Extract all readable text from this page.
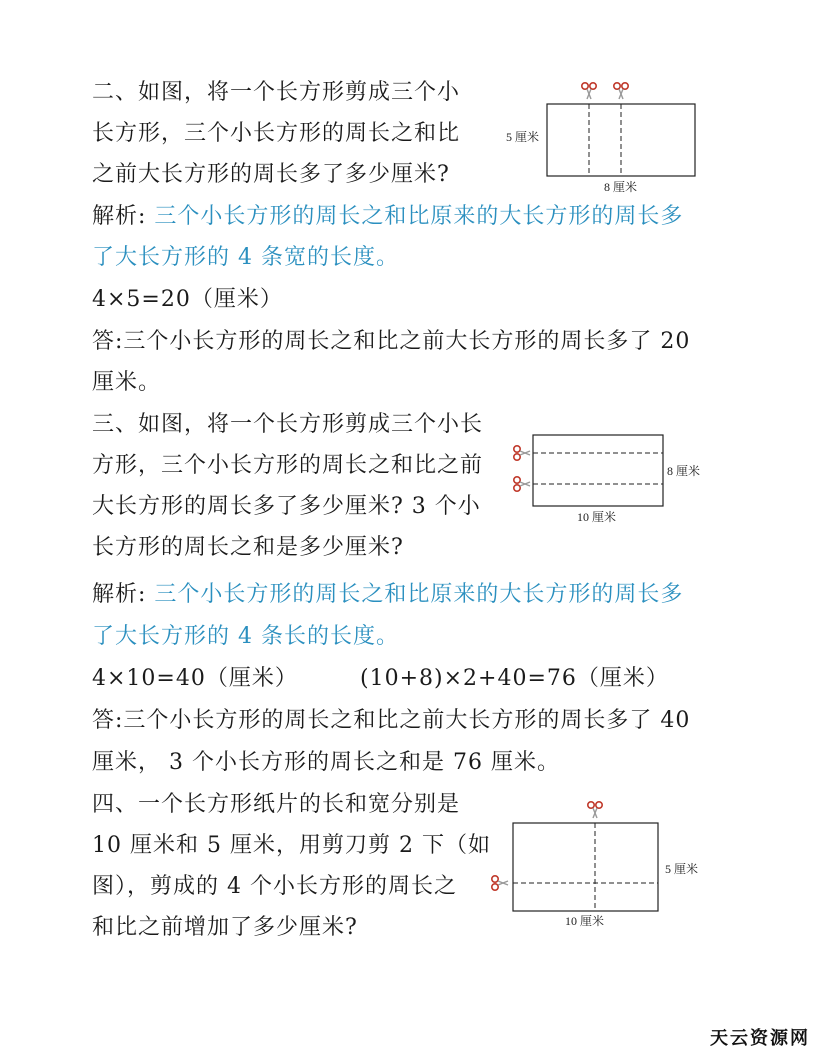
二、如图，将一个长方形剪成三个小
长方形，三个小长方形的周长之和比
之前大长方形的周长多了多少厘米?
5 厘米
8 厘米
解析: 三个小长方形的周长之和比原来的大长方形的周长多
了大长方形的 4 条宽的长度。
4×5=20（厘米）
答:三个小长方形的周长之和比之前大长方形的周长多了 20
厘米。
三、如图，将一个长方形剪成三个小长
方形，三个小长方形的周长之和比之前
大长方形的周长多了多少厘米? 3 个小
长方形的周长之和是多少厘米?
8 厘米
10 厘米
解析: 三个小长方形的周长之和比原来的大长方形的周长多
了大长方形的 4 条长的长度。
4×10=40（厘米）	(10+8)×2+40=76（厘米）
答:三个小长方形的周长之和比之前大长方形的周长多了 40
厘米， 3 个小长方形的周长之和是 76 厘米。
四、一个长方形纸片的长和宽分别是
10 厘米和 5 厘米，用剪刀剪 2 下（如
图），剪成的 4 个小长方形的周长之
和比之前增加了多少厘米?
5 厘米
10 厘米
天云资源网
